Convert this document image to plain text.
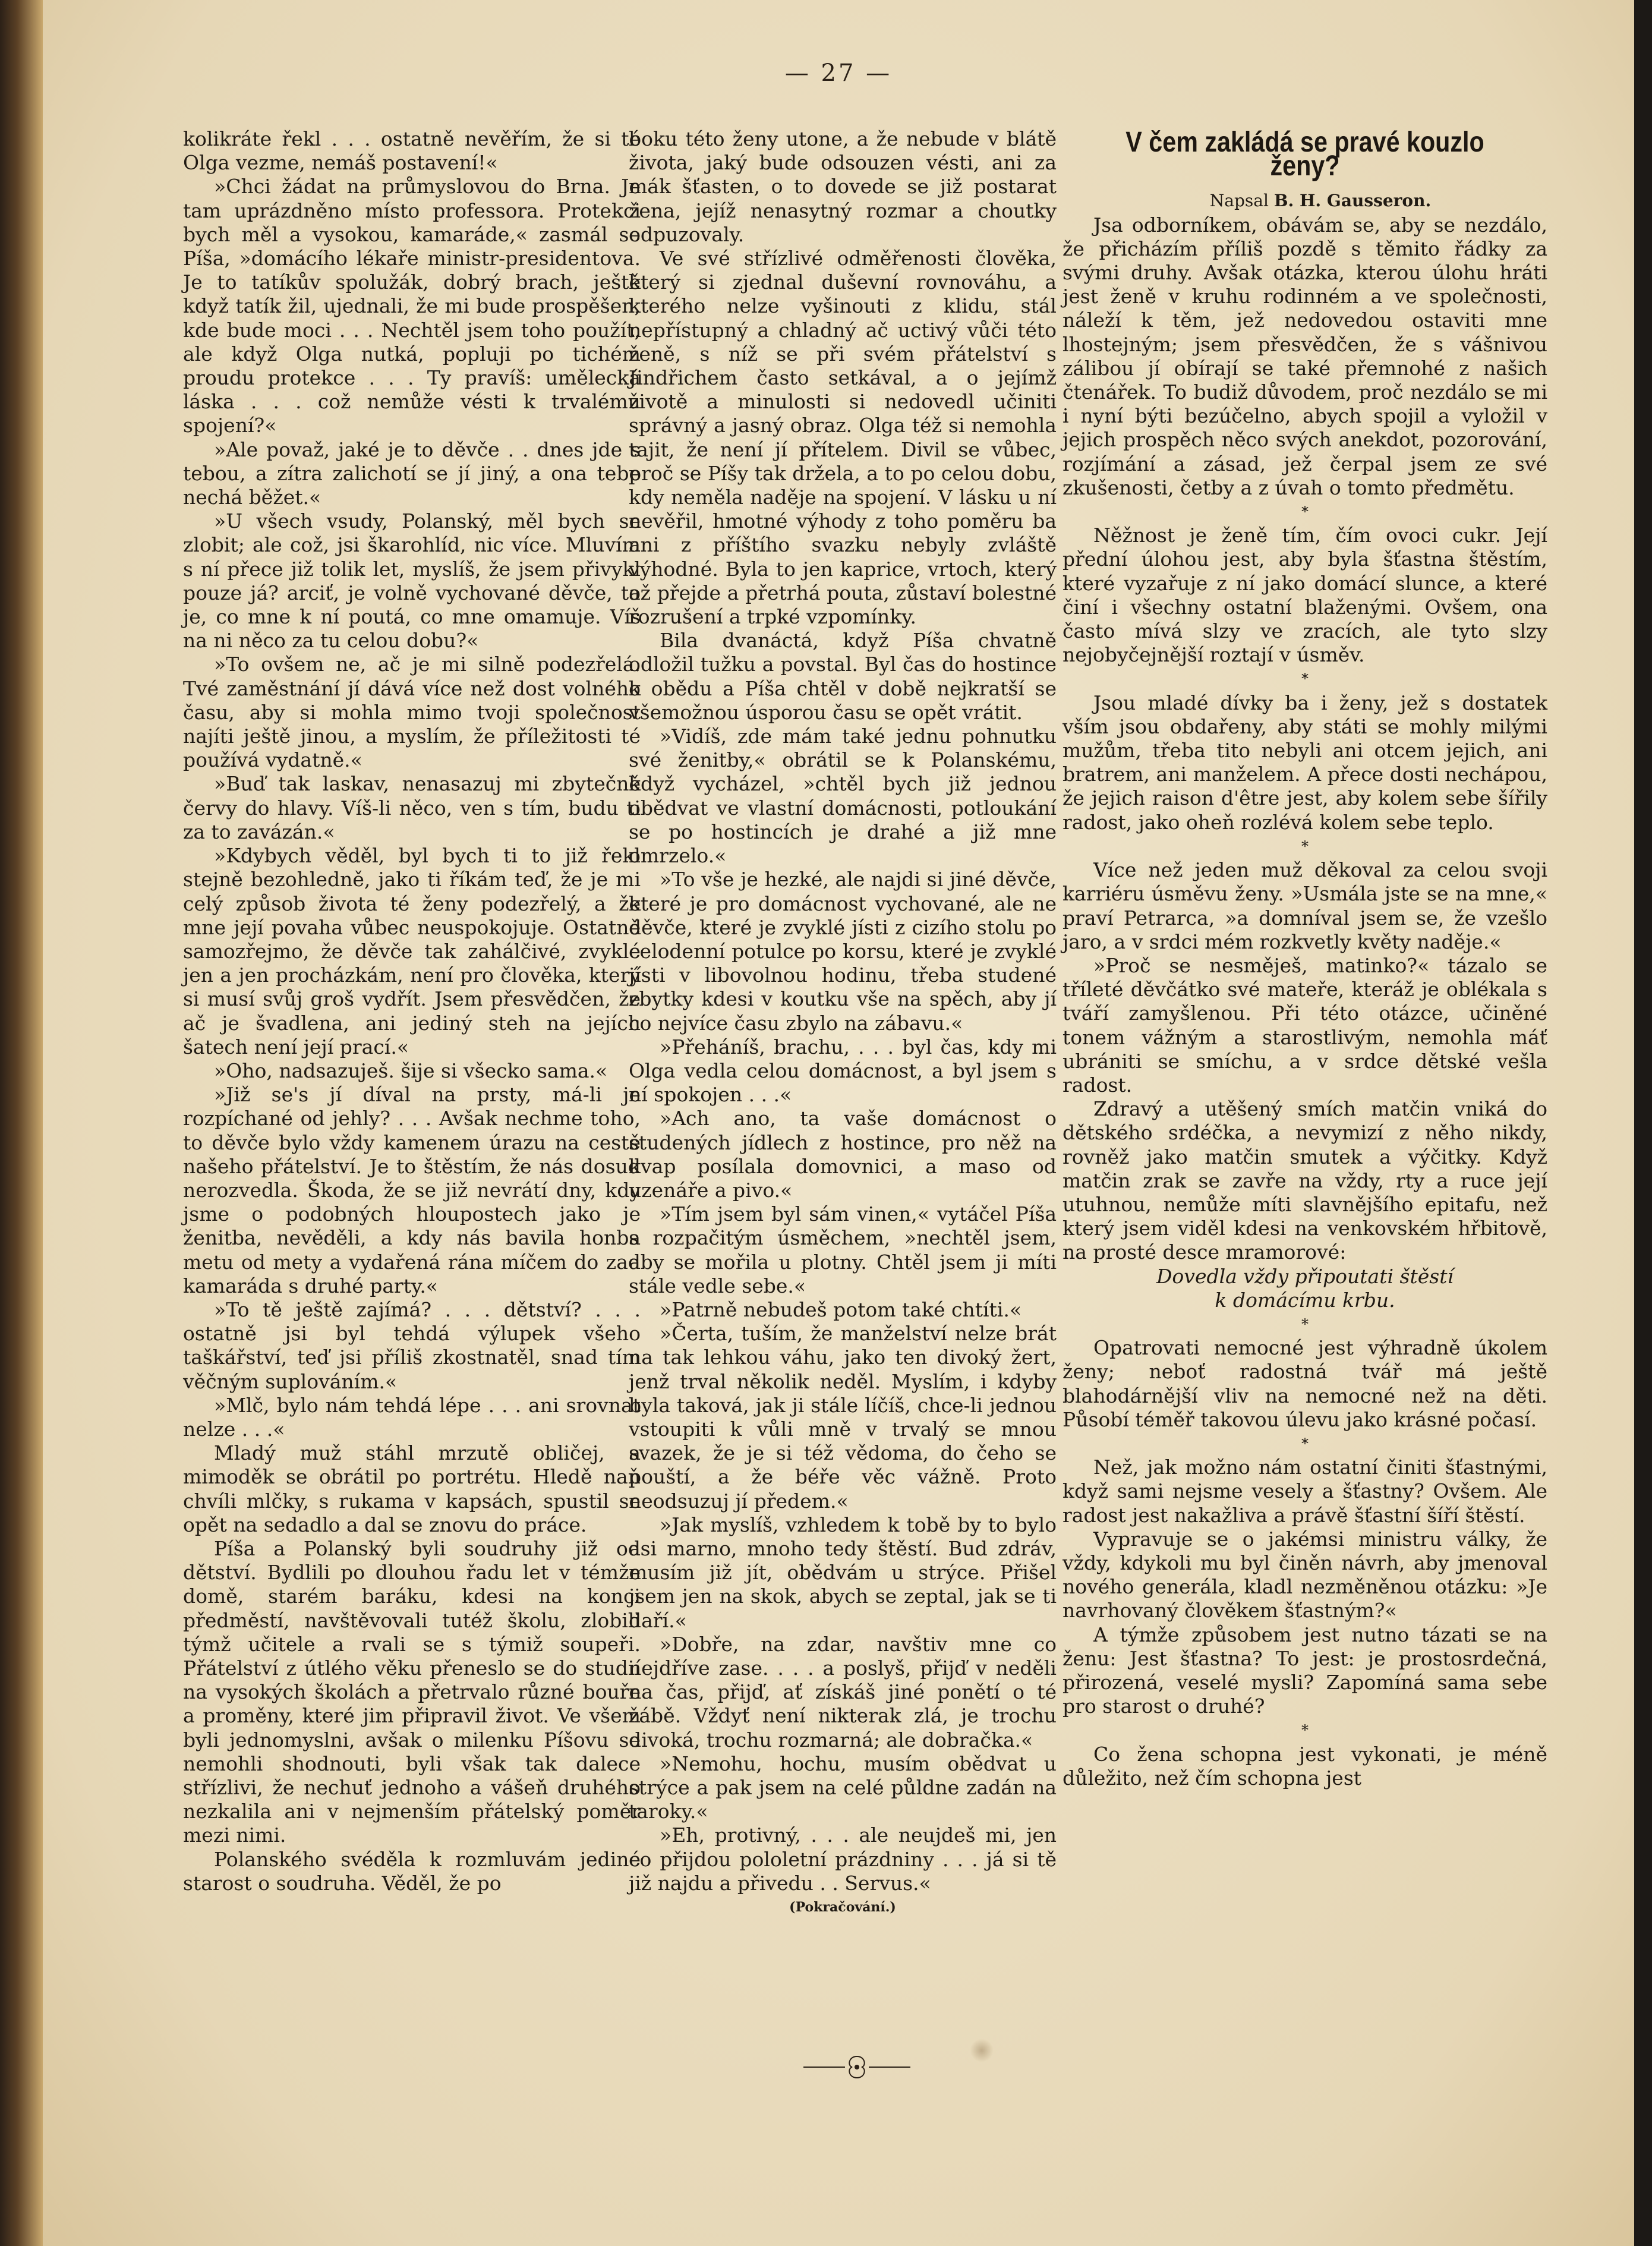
— 27 —

kolikráte řekl . . . ostatně nevěřím, že si té Olga vezme, nemáš postavení!«

»Chci žádat na průmyslovou do Brna. Je tam uprázdněno místo professora. Protekci bych měl a vysokou, kamaráde,« zasmál se Píša, »domácího lékaře ministr-presidentova. Je to tatíkův spolužák, dobrý brach, ještě když tatík žil, ujednali, že mi bude prospěšen, kde bude moci . . . Nechtěl jsem toho použít, ale když Olga nutká, popluji po tichém proudu protekce . . . Ty pravíš: umělecká láska . . . což nemůže vésti k trvalému spojení?«

»Ale považ, jaké je to děvče . . dnes jde s tebou, a zítra zalichotí se jí jiný, a ona tebe nechá běžet.«

»U všech vsudy, Polanský, měl bych se zlobit; ale což, jsi škarohlíd, nic více. Mluvím s ní přece již tolik let, myslíš, že jsem přivykl pouze já? arciť, je volně vychované děvče, to je, co mne k ní poutá, co mne omamuje. Víš na ni něco za tu celou dobu?«

»To ovšem ne, ač je mi silně podezřelá. Tvé zaměstnání jí dává více než dost volného času, aby si mohla mimo tvoji společnost najíti ještě jinou, a myslím, že příležitosti té používá vydatně.«

»Buď tak laskav, nenasazuj mi zbytečně červy do hlavy. Víš-li něco, ven s tím, budu ti za to zavázán.«

»Kdybych věděl, byl bych ti to již řekl stejně bezohledně, jako ti říkám teď, že je mi celý způsob života té ženy podezřelý, a že mne její povaha vůbec neuspokojuje. Ostatně samozřejmo, že děvče tak zahálčivé, zvyklé jen a jen procházkám, není pro člověka, který si musí svůj groš vydřít. Jsem přesvědčen, že ač je švadlena, ani jediný steh na jejích šatech není její prací.«

»Oho, nadsazuješ. šije si všecko sama.«

»Již se's jí díval na prsty, má-li je rozpíchané od jehly? . . . Avšak nechme toho, to děvče bylo vždy kamenem úrazu na cestě našeho přátelství. Je to štěstím, že nás dosud nerozvedla. Škoda, že se již nevrátí dny, kdy jsme o podobných hloupostech jako je ženitba, nevěděli, a kdy nás bavila honba metu od mety a vydařená rána míčem do zad kamaráda s druhé party.«

»To tě ještě zajímá? . . . dětství? . . . ostatně jsi byl tehdá výlupek všeho taškářství, teď jsi příliš zkostnatěl, snad tím věčným suplováním.«

»Mlč, bylo nám tehdá lépe . . . ani srovnat nelze . . .«

Mladý muž stáhl mrzutě obličej, a mimoděk se obrátil po portrétu. Hledě naň chvíli mlčky, s rukama v kapsách, spustil se opět na sedadlo a dal se znovu do práce.

Píša a Polanský byli soudruhy již od dětství. Bydlili po dlouhou řadu let v témže domě, starém baráku, kdesi na konci předměstí, navštěvovali tutéž školu, zlobili týmž učitele a rvali se s týmiž soupeři. Přátelství z útlého věku přeneslo se do studií na vysokých školách a přetrvalo různé bouře a proměny, které jim připravil život. Ve všem byli jednomyslni, avšak o milenku Píšovu se nemohli shodnouti, byli však tak dalece střízlivi, že nechuť jednoho a vášeň druhého nezkalila ani v nejmenším přátelský poměr mezi nimi.

Polanského svéděla k rozmluvám jediné starost o soudruha. Věděl, že po

boku této ženy utone, a že nebude v blátě života, jaký bude odsouzen vésti, ani za mák šťasten, o to dovede se již postarat žena, jejíž nenasytný rozmar a choutky odpuzovaly.

Ve své střízlivé odměřenosti člověka, který si zjednal duševní rovnováhu, a kterého nelze vyšinouti z klidu, stál nepřístupný a chladný ač uctivý vůči této ženě, s níž se při svém přátelství s Jindřichem často setkával, a o jejímž životě a minulosti si nedovedl učiniti správný a jasný obraz. Olga též si nemohla tajit, že není jí přítelem. Divil se vůbec, proč se Píšy tak držela, a to po celou dobu, kdy neměla naděje na spojení. V lásku u ní nevěřil, hmotné výhody z toho poměru ba ani z příštího svazku nebyly zvláště výhodné. Byla to jen kaprice, vrtoch, který až přejde a přetrhá pouta, zůstaví bolestné rozrušení a trpké vzpomínky.

Bila dvanáctá, když Píša chvatně odložil tužku a povstal. Byl čas do hostince k obědu a Píša chtěl v době nejkratší se všemožnou úsporou času se opět vrátit.

»Vidíš, zde mám také jednu pohnutku své ženitby,« obrátil se k Polanskému, když vycházel, »chtěl bych již jednou obědvat ve vlastní domácnosti, potloukání se po hostincích je drahé a již mne omrzelo.«

»To vše je hezké, ale najdi si jiné děvče, které je pro domácnost vychované, ale ne děvče, které je zvyklé jísti z cizího stolu po celodenní potulce po korsu, které je zvyklé jísti v libovolnou hodinu, třeba studené zbytky kdesi v koutku vše na spěch, aby jí co nejvíce času zbylo na zábavu.«

»Přeháníš, brachu, . . . byl čas, kdy mi Olga vedla celou domácnost, a byl jsem s ní spokojen . . .«

»Ach ano, ta vaše domácnost o studených jídlech z hostince, pro něž na kvap posílala domovnici, a maso od uzenáře a pivo.«

»Tím jsem byl sám vinen,« vytáčel Píša s rozpačitým úsměchem, »nechtěl jsem, aby se mořila u plotny. Chtěl jsem ji míti stále vedle sebe.«

»Patrně nebudeš potom také chtíti.«

»Čerta, tuším, že manželství nelze brát na tak lehkou váhu, jako ten divoký žert, jenž trval několik neděl. Myslím, i kdyby byla taková, jak ji stále líčíš, chce-li jednou vstoupiti k vůli mně v trvalý se mnou svazek, že je si též vědoma, do čeho se pouští, a že béře věc vážně. Proto neodsuzuj jí předem.«

»Jak myslíš, vzhledem k tobě by to bylo asi marno, mnoho tedy štěstí. Bud zdráv, musím již jít, obědvám u strýce. Přišel jsem jen na skok, abych se zeptal, jak se ti daří.«

»Dobře, na zdar, navštiv mne co nejdříve zase. . . . a poslyš, přijď v neděli na čas, přijď, ať získáš jiné ponětí o té žábě. Vždyť není nikterak zlá, je trochu divoká, trochu rozmarná; ale dobračka.«

»Nemohu, hochu, musím obědvat u strýce a pak jsem na celé půldne zadán na taroky.«

»Eh, protivný, . . . ale neujdeš mi, jen co přijdou pololetní prázdniny . . . já si tě již najdu a přivedu . . Servus.«

(Pokračování.)

V čem zakládá se pravé kouzlo ženy?

Napsal B. H. Gausseron.

Jsa odborníkem, obávám se, aby se nezdálo, že přicházím příliš pozdě s těmito řádky za svými druhy. Avšak otázka, kterou úlohu hráti jest ženě v kruhu rodinném a ve společnosti, náleží k těm, jež nedovedou ostaviti mne lhostejným; jsem přesvědčen, že s vášnivou zálibou jí obírají se také přemnohé z našich čtenářek. To budiž důvodem, proč nezdálo se mi i nyní býti bezúčelno, abych spojil a vyložil v jejich prospěch něco svých anekdot, pozorování, rozjímání a zásad, jež čerpal jsem ze své zkušenosti, četby a z úvah o tomto předmětu.

*

Něžnost je ženě tím, čím ovoci cukr. Její přední úlohou jest, aby byla šťastna štěstím, které vyzařuje z ní jako domácí slunce, a které činí i všechny ostatní blaženými. Ovšem, ona často mívá slzy ve zracích, ale tyto slzy nejobyčejnější roztají v úsměv.

*

Jsou mladé dívky ba i ženy, jež s dostatek vším jsou obdařeny, aby státi se mohly milými mužům, třeba tito nebyli ani otcem jejich, ani bratrem, ani manželem. A přece dosti nechápou, že jejich raison d'être jest, aby kolem sebe šířily radost, jako oheň rozlévá kolem sebe teplo.

*

Více než jeden muž děkoval za celou svoji karriéru úsměvu ženy. »Usmála jste se na mne,« praví Petrarca, »a domníval jsem se, že vzešlo jaro, a v srdci mém rozkvetly květy naděje.«

»Proč se nesměješ, matinko?« tázalo se tříleté děvčátko své mateře, kteráž je oblékala s tváří zamyšlenou. Při této otázce, učiněné tonem vážným a starostlivým, nemohla máť ubrániti se smíchu, a v srdce dětské vešla radost.

Zdravý a utěšený smích matčin vniká do dětského srdéčka, a nevymizí z něho nikdy, rovněž jako matčin smutek a výčitky. Když matčin zrak se zavře na vždy, rty a ruce její utuhnou, nemůže míti slavnějšího epitafu, než který jsem viděl kdesi na venkovském hřbitově, na prosté desce mramorové:

Dovedla vždy připoutati štěstí

k domácímu krbu.

*

Opatrovati nemocné jest výhradně úkolem ženy; neboť radostná tvář má ještě blahodárnější vliv na nemocné než na děti. Působí téměř takovou úlevu jako krásné počasí.

*

Než, jak možno nám ostatní činiti šťastnými, když sami nejsme vesely a šťastny? Ovšem. Ale radost jest nakažliva a právě šťastní šíří štěstí.

Vypravuje se o jakémsi ministru války, že vždy, kdykoli mu byl činěn návrh, aby jmenoval nového generála, kladl nezměněnou otázku: »Je navrhovaný člověkem šťastným?«

A týmže způsobem jest nutno tázati se na ženu: Jest šťastna? To jest: je prostosrdečná, přirozená, veselé mysli? Zapomíná sama sebe pro starost o druhé?

*

Co žena schopna jest vykonati, je méně důležito, než čím schopna jest
